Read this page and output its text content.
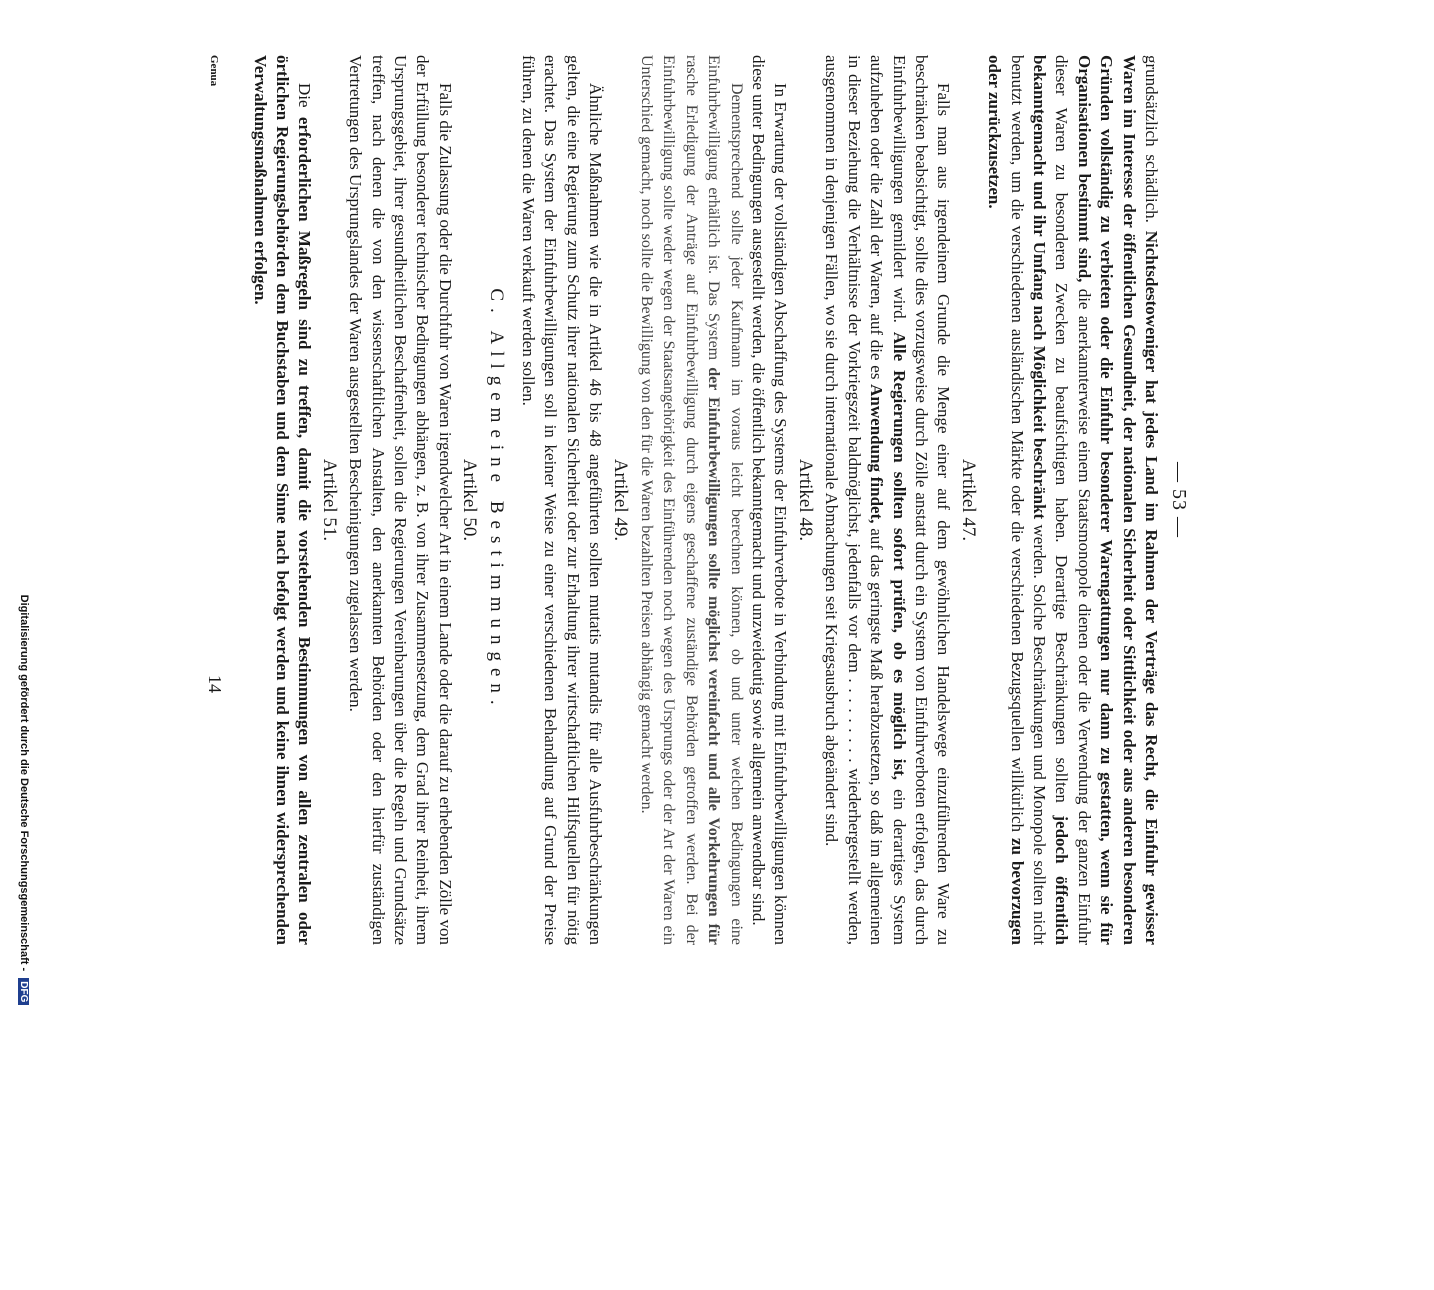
— 53 —

grundsätzlich schädlich. Nichtsdestoweniger hat jedes Land im Rahmen der Verträge das Recht, die Einfuhr gewisser Waren im Interesse der öffentlichen Gesundheit, der nationalen Sicherheit oder Sittlichkeit oder aus anderen besonderen Gründen vollständig zu verbieten oder die Einfuhr besonderer Warengattungen nur dann zu gestatten, wenn sie für Organisationen bestimmt sind, die anerkannterweise einem Staatsmonopole dienen oder die Verwendung der ganzen Einfuhr dieser Waren zu besonderen Zwecken zu beaufsichtigen haben. Derartige Beschränkungen sollten jedoch öffentlich bekanntgemacht und ihr Umfang nach Möglichkeit beschränkt werden. Solche Beschränkungen und Monopole sollten nicht benutzt werden, um die verschiedenen ausländischen Märkte oder die verschiedenen Bezugsquellen willkürlich zu bevorzugen oder zurückzusetzen.

Artikel 47.

Falls man aus irgendeinem Grunde die Menge einer auf dem gewöhnlichen Handelswege einzuführenden Ware zu beschränken beabsichtigt, sollte dies vorzugsweise durch Zölle anstatt durch ein System von Einfuhrverboten erfolgen, das durch Einfuhrbewilligungen gemildert wird. Alle Regierungen sollten sofort prüfen, ob es möglich ist, ein derartiges System aufzuheben oder die Zahl der Waren, auf die es Anwendung findet, auf das geringste Maß herabzusetzen, so daß im allgemeinen in dieser Beziehung die Verhältnisse der Vorkriegszeit baldmöglichst, jedenfalls vor dem . . . . . . . . . wiederhergestellt werden, ausgenommen in denjenigen Fällen, wo sie durch internationale Abmachungen seit Kriegsausbruch abgeändert sind.

Artikel 48.

In Erwartung der vollständigen Abschaffung des Systems der Einfuhrverbote in Verbindung mit Einfuhrbewilligungen können diese unter Bedingungen ausgestellt werden, die öffentlich bekanntgemacht und unzweideutig sowie allgemein anwendbar sind.

Dementsprechend sollte jeder Kaufmann im voraus leicht berechnen können, ob und unter welchen Bedingungen eine Einfuhrbewilligung erhältlich ist. Das System der Einfuhrbewilligungen sollte möglichst vereinfacht und alle Vorkehrungen für rasche Erledigung der Anträge auf Einfuhrbewilligung durch eigens geschaffene zuständige Behörden getroffen werden. Bei der Einfuhrbewilligung sollte weder wegen der Staatsangehörigkeit des Einführenden noch wegen des Ursprungs oder der Art der Waren ein Unterschied gemacht, noch sollte die Bewilligung von den für die Waren bezahlten Preisen abhängig gemacht werden.

Artikel 49.

Ähnliche Maßnahmen wie die in Artikel 46 bis 48 angeführten sollten mutatis mutandis für alle Ausfuhrbeschränkungen gelten, die eine Regierung zum Schutz ihrer nationalen Sicherheit oder zur Erhaltung ihrer wirtschaftlichen Hilfsquellen für nötig erachtet. Das System der Einfuhrbewilligungen soll in keiner Weise zu einer verschiedenen Behandlung auf Grund der Preise führen, zu denen die Waren verkauft werden sollen.

C. Allgemeine Bestimmungen.
Artikel 50.

Falls die Zulassung oder die Durchfuhr von Waren irgendwelcher Art in einem Lande oder die darauf zu erhebenden Zölle von der Erfüllung besonderer technischer Bedingungen abhängen, z. B. von ihrer Zusammensetzung, dem Grad ihrer Reinheit, ihrem Ursprungsgebiet, ihrer gesundheitlichen Beschaffenheit, sollen die Regierungen Vereinbarungen über die Regeln und Grundsätze treffen, nach denen die von den wissenschaftlichen Anstalten, den anerkannten Behörden oder den hierfür zuständigen Vertretungen des Ursprungslandes der Waren ausgestellten Bescheinigungen zugelassen werden.

Artikel 51.

Die erforderlichen Maßregeln sind zu treffen, damit die vorstehenden Bestimmungen von allen zentralen oder örtlichen Regierungsbehörden dem Buchstaben und dem Sinne nach befolgt werden und keine ihnen widersprechenden Verwaltungsmaßnahmen erfolgen.

Genua
14
Digitalisierung gefördert durch die Deutsche Forschungsgemeinschaft - DFG
